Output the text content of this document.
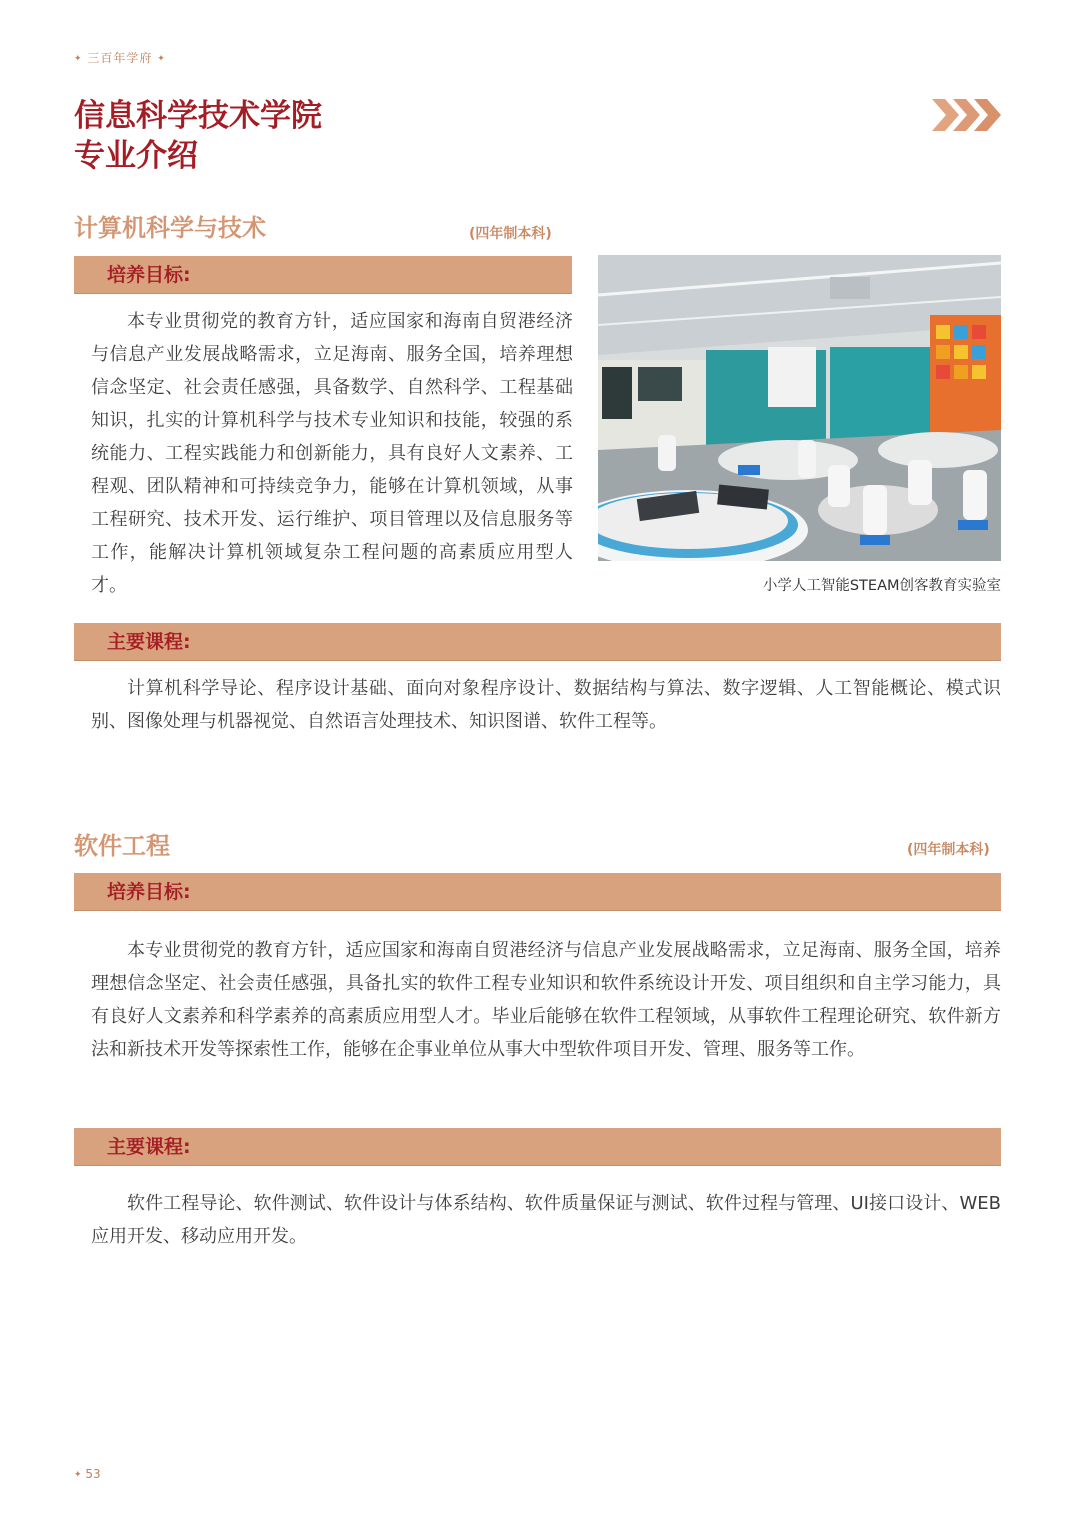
✦ 三百年学府 ✦
信息科学技术学院
专业介绍
计算机科学与技术	(四年制本科)
培养目标:

本专业贯彻党的教育方针，适应国家和海南自贸港经济与信息产业发展战略需求，立足海南、服务全国，培养理想信念坚定、社会责任感强，具备数学、自然科学、工程基础知识，扎实的计算机科学与技术专业知识和技能，较强的系统能力、工程实践能力和创新能力，具有良好人文素养、工程观、团队精神和可持续竞争力，能够在计算机领域，从事工程研究、技术开发、运行维护、项目管理以及信息服务等工作，能解决计算机领域复杂工程问题的高素质应用型人才。	小学人工智能STEAM创客教育实验室
主要课程:

计算机科学导论、程序设计基础、面向对象程序设计、数据结构与算法、数字逻辑、人工智能概论、模式识别、图像处理与机器视觉、自然语言处理技术、知识图谱、软件工程等。

软件工程	(四年制本科)
培养目标:

本专业贯彻党的教育方针，适应国家和海南自贸港经济与信息产业发展战略需求，立足海南、服务全国，培养理想信念坚定、社会责任感强，具备扎实的软件工程专业知识和软件系统设计开发、项目组织和自主学习能力，具有良好人文素养和科学素养的高素质应用型人才。毕业后能够在软件工程领域，从事软件工程理论研究、软件新方法和新技术开发等探索性工作，能够在企事业单位从事大中型软件项目开发、管理、服务等工作。

主要课程:

软件工程导论、软件测试、软件设计与体系结构、软件质量保证与测试、软件过程与管理、UI接口设计、WEB应用开发、移动应用开发。

✦ 53
